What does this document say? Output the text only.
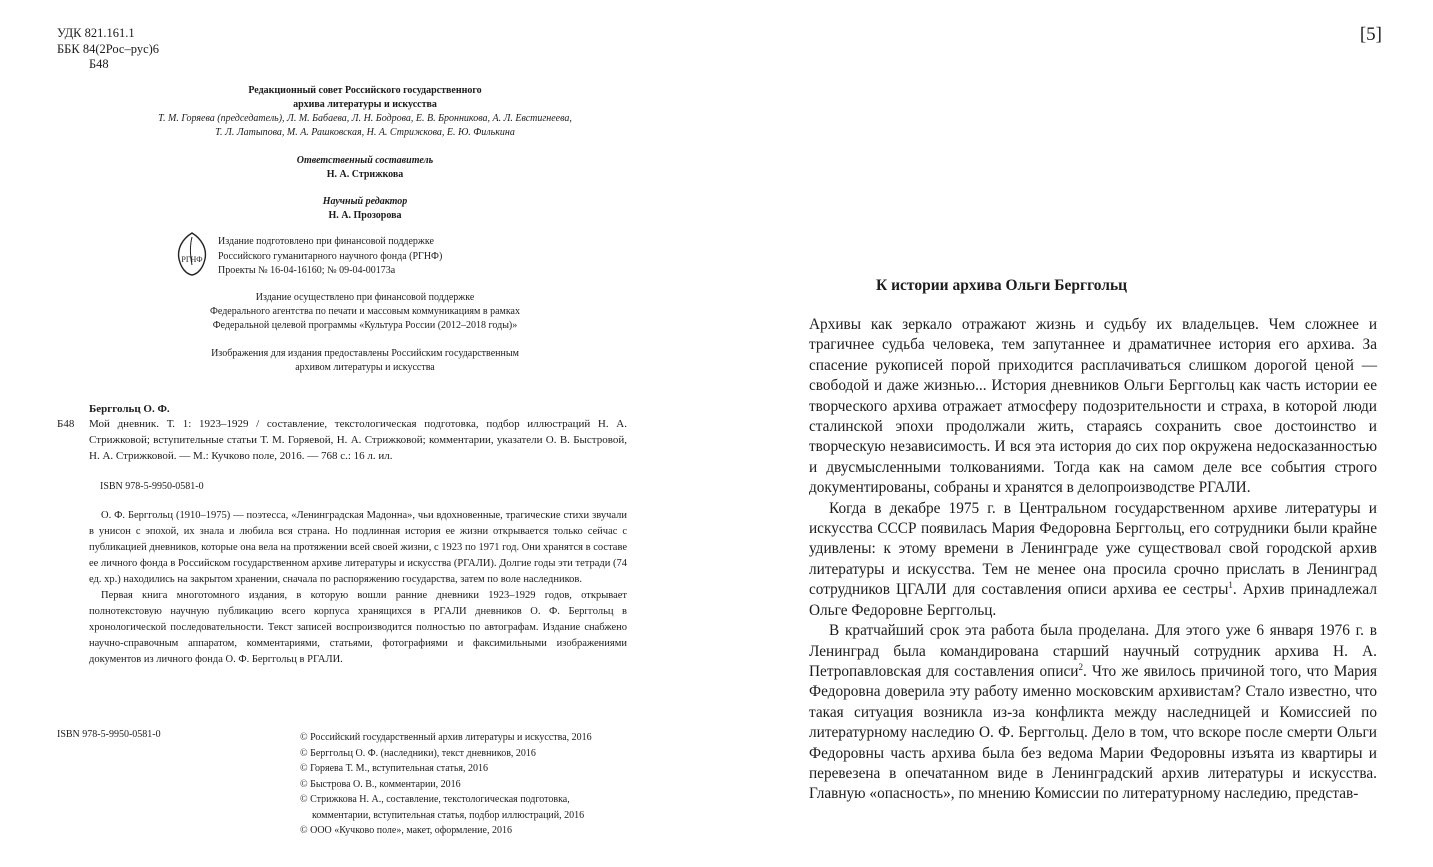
УДК 821.161.1
ББК 84(2Рос–рус)6
Б48
Редакционный совет Российского государственного
архива литературы и искусства
Т. М. Горяева (председатель), Л. М. Бабаева, Л. Н. Бодрова, Е. В. Бронникова, А. Л. Евстигнеева,
Т. Л. Латыпова, М. А. Рашковская, Н. А. Стрижкова, Е. Ю. Филькина
Ответственный составитель
Н. А. Стрижкова
Научный редактор
Н. А. Прозорова
РГНФ
Издание подготовлено при финансовой поддержке
Российского гуманитарного научного фонда (РГНФ)
Проекты № 16-04-16160; № 09-04-00173а
Издание осуществлено при финансовой поддержке
Федерального агентства по печати и массовым коммуникациям в рамках
Федеральной целевой программы «Культура России (2012–2018 годы)»
Изображения для издания предоставлены Российским государственным
архивом литературы и искусства
Берггольц О. Ф.
Б48 Мой дневник. Т. 1: 1923–1929 / составление, текстологическая подготовка, подбор иллюстраций Н. А. Стрижковой; вступительные статьи Т. М. Горяевой, Н. А. Стрижковой; комментарии, указатели О. В. Быстровой, Н. А. Стрижковой. — М.: Кучково поле, 2016. — 768 с.: 16 л. ил.
ISBN 978-5-9950-0581-0

О. Ф. Берггольц (1910–1975) — поэтесса, «Ленинградская Мадонна», чьи вдохновенные, трагические стихи звучали в унисон с эпохой, их знала и любила вся страна. Но подлинная история ее жизни открывается только сейчас с публикацией дневников, которые она вела на протяжении всей своей жизни, с 1923 по 1971 год. Они хранятся в составе ее личного фонда в Российском государственном архиве литературы и искусства (РГАЛИ). Долгие годы эти тетради (74 ед. хр.) находились на закрытом хранении, сначала по распоряжению государства, затем по воле наследников.

Первая книга многотомного издания, в которую вошли ранние дневники 1923–1929 годов, открывает полнотекстовую научную публикацию всего корпуса хранящихся в РГАЛИ дневников О. Ф. Берггольц в хронологической последовательности. Текст записей воспроизводится полностью по автографам. Издание снабжено научно-справочным аппаратом, комментариями, статьями, фотографиями и факсимильными изображениями документов из личного фонда О. Ф. Берггольц в РГАЛИ.

ISBN 978-5-9950-0581-0	© Российский государственный архив литературы и искусства, 2016
© Берггольц О. Ф. (наследники), текст дневников, 2016
© Горяева Т. М., вступительная статья, 2016
© Быстрова О. В., комментарии, 2016
© Стрижкова Н. А., составление, текстологическая подготовка, комментарии, вступительная статья, подбор иллюстраций, 2016
© ООО «Кучково поле», макет, оформление, 2016
[5]
К истории архива Ольги Берггольц

Архивы как зеркало отражают жизнь и судьбу их владельцев. Чем сложнее и трагичнее судьба человека, тем запутаннее и драматичнее история его архива. За спасение рукописей порой приходится расплачиваться слишком дорогой ценой — свободой и даже жизнью... История дневников Ольги Берггольц как часть истории ее творческого архива отражает атмосферу подозрительности и страха, в которой люди сталинской эпохи продолжали жить, стараясь сохранить свое достоинство и творческую независимость. И вся эта история до сих пор окружена недосказанностью и двусмысленными толкованиями. Тогда как на самом деле все события строго документированы, собраны и хранятся в делопроизводстве РГАЛИ.

Когда в декабре 1975 г. в Центральном государственном архиве литературы и искусства СССР появилась Мария Федоровна Берггольц, его сотрудники были крайне удивлены: к этому времени в Ленинграде уже существовал свой городской архив литературы и искусства. Тем не менее она просила срочно прислать в Ленинград сотрудников ЦГАЛИ для составления описи архива ее сестры$^1$. Архив принадлежал Ольге Федоровне Берггольц.

В кратчайший срок эта работа была проделана. Для этого уже 6 января 1976 г. в Ленинград была командирована старший научный сотрудник архива Н. А. Петропавловская для составления описи$^2$. Что же явилось причиной того, что Мария Федоровна доверила эту работу именно московским архивистам? Стало известно, что такая ситуация возникла из-за конфликта между наследницей и Комиссией по литературному наследию О. Ф. Берггольц. Дело в том, что вскоре после смерти Ольги Федоровны часть архива была без ведома Марии Федоровны изъята из квартиры и перевезена в опечатанном виде в Ленинградский архив литературы и искусства. Главную «опасность», по мнению Комиссии по литературному наследию, представ-
